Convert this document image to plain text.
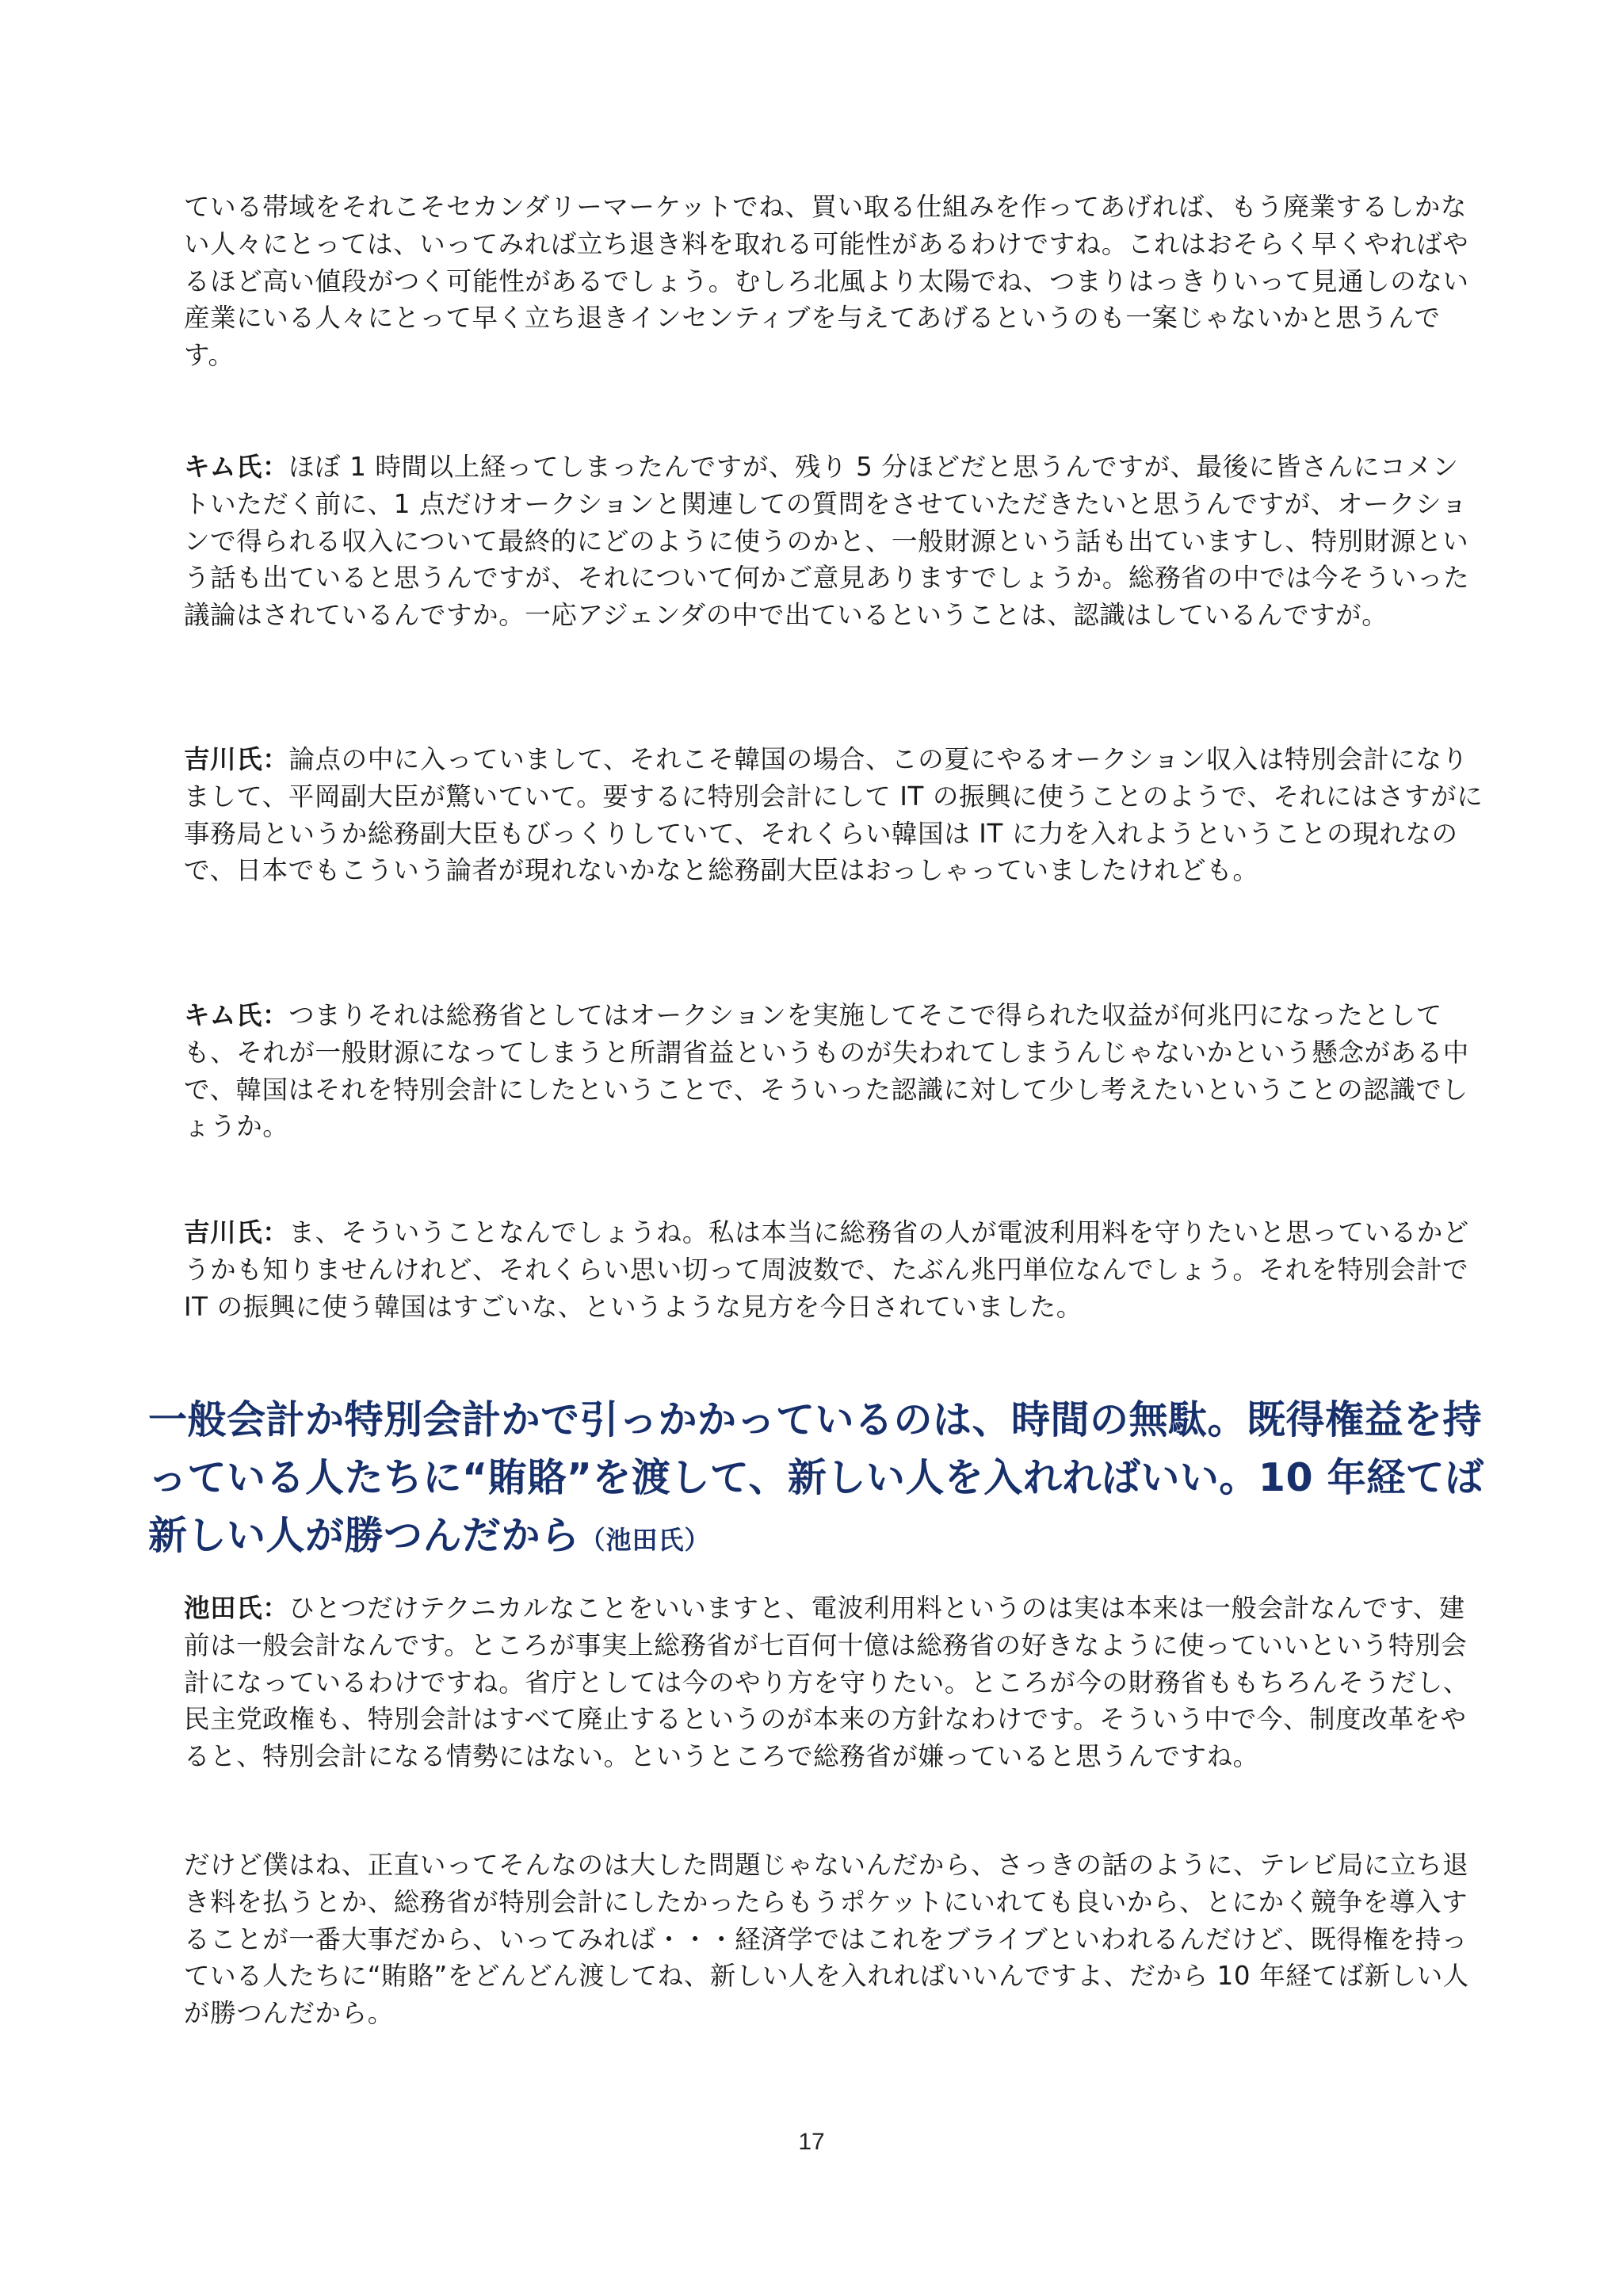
ている帯域をそれこそセカンダリーマーケットでね、買い取る仕組みを作ってあげれば、もう廃業するしかない人々にとっては、いってみれば立ち退き料を取れる可能性があるわけですね。これはおそらく早くやればやるほど高い値段がつく可能性があるでしょう。むしろ北風より太陽でね、つまりはっきりいって見通しのない産業にいる人々にとって早く立ち退きインセンティブを与えてあげるというのも一案じゃないかと思うんです。

キム氏：ほぼ 1 時間以上経ってしまったんですが、残り 5 分ほどだと思うんですが、最後に皆さんにコメントいただく前に、1 点だけオークションと関連しての質問をさせていただきたいと思うんですが、オークションで得られる収入について最終的にどのように使うのかと、一般財源という話も出ていますし、特別財源という話も出ていると思うんですが、それについて何かご意見ありますでしょうか。総務省の中では今そういった議論はされているんですか。一応アジェンダの中で出ているということは、認識はしているんですが。

吉川氏：論点の中に入っていまして、それこそ韓国の場合、この夏にやるオークション収入は特別会計になりまして、平岡副大臣が驚いていて。要するに特別会計にして IT の振興に使うことのようで、それにはさすがに事務局というか総務副大臣もびっくりしていて、それくらい韓国は IT に力を入れようということの現れなので、日本でもこういう論者が現れないかなと総務副大臣はおっしゃっていましたけれども。

キム氏：つまりそれは総務省としてはオークションを実施してそこで得られた収益が何兆円になったとしても、それが一般財源になってしまうと所謂省益というものが失われてしまうんじゃないかという懸念がある中で、韓国はそれを特別会計にしたということで、そういった認識に対して少し考えたいということの認識でしょうか。

吉川氏：ま、そういうことなんでしょうね。私は本当に総務省の人が電波利用料を守りたいと思っているかどうかも知りませんけれど、それくらい思い切って周波数で、たぶん兆円単位なんでしょう。それを特別会計で IT の振興に使う韓国はすごいな、というような見方を今日されていました。

一般会計か特別会計かで引っかかっているのは、時間の無駄。既得権益を持っている人たちに“賄賂”を渡して、新しい人を入れればいい。10 年経てば新しい人が勝つんだから（池田氏）

池田氏：ひとつだけテクニカルなことをいいますと、電波利用料というのは実は本来は一般会計なんです、建前は一般会計なんです。ところが事実上総務省が七百何十億は総務省の好きなように使っていいという特別会計になっているわけですね。省庁としては今のやり方を守りたい。ところが今の財務省ももちろんそうだし、民主党政権も、特別会計はすべて廃止するというのが本来の方針なわけです。そういう中で今、制度改革をやると、特別会計になる情勢にはない。というところで総務省が嫌っていると思うんですね。

だけど僕はね、正直いってそんなのは大した問題じゃないんだから、さっきの話のように、テレビ局に立ち退き料を払うとか、総務省が特別会計にしたかったらもうポケットにいれても良いから、とにかく競争を導入することが一番大事だから、いってみれば・・・経済学ではこれをブライブといわれるんだけど、既得権を持っている人たちに“賄賂”をどんどん渡してね、新しい人を入れればいいんですよ、だから 10 年経てば新しい人が勝つんだから。

17
